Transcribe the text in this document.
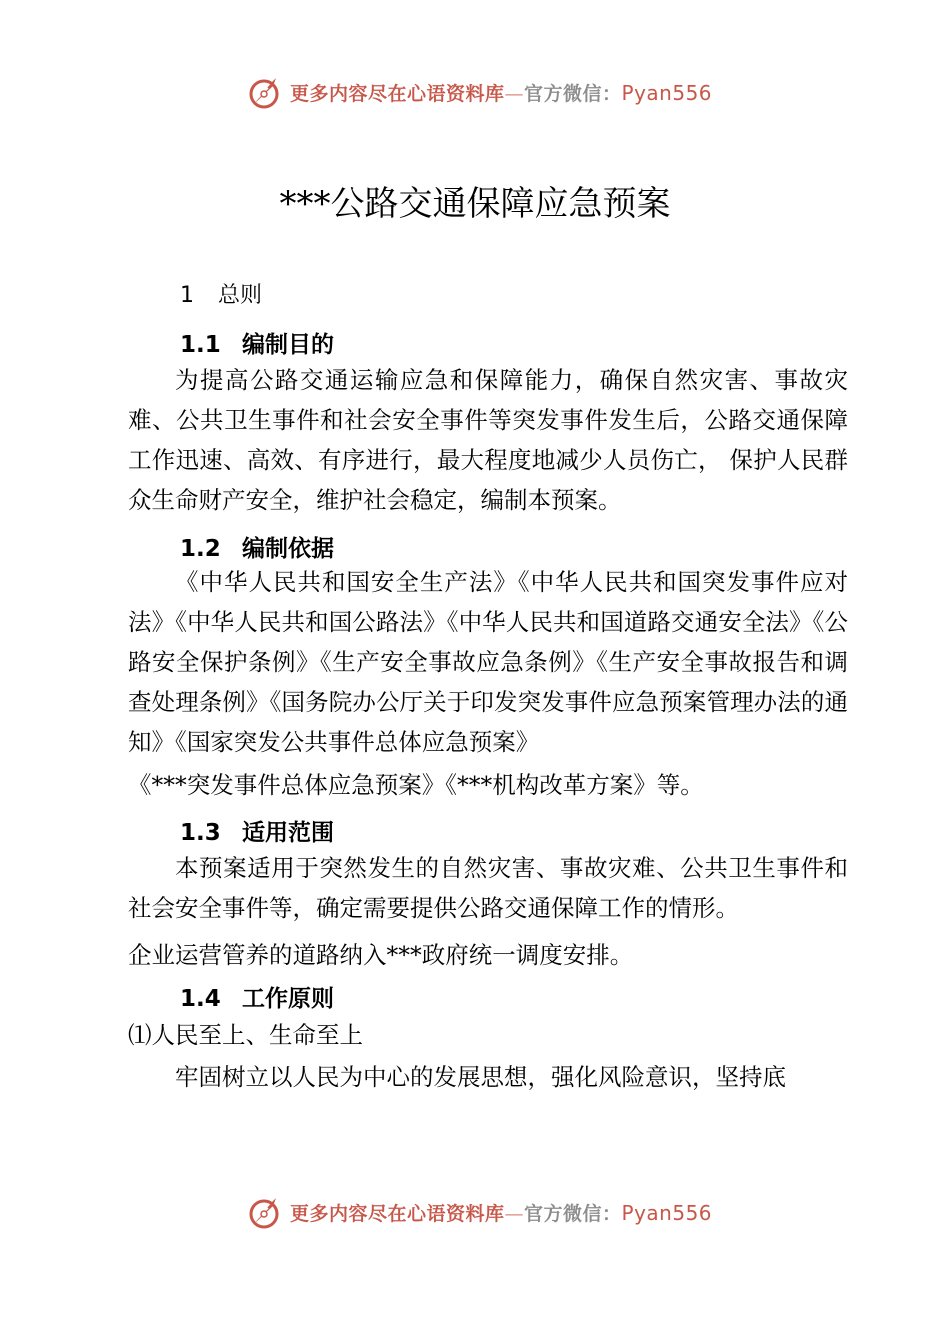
更多内容尽在心语资料库—官方微信：Pyan556
***公路交通保障应急预案
1 总则
1.1 编制目的
为提高公路交通运输应急和保障能力，确保自然灾害、事故灾难、公共卫生事件和社会安全事件等突发事件发生后，公路交通保障工作迅速、高效、有序进行，最大程度地减少人员伤亡， 保护人民群众生命财产安全，维护社会稳定，编制本预案。
1.2 编制依据
《中华人民共和国安全生产法》《中华人民共和国突发事件应对法》《中华人民共和国公路法》《中华人民共和国道路交通安全法》《公路安全保护条例》《生产安全事故应急条例》《生产安全事故报告和调查处理条例》《国务院办公厅关于印发突发事件应急预案管理办法的通知》《国家突发公共事件总体应急预案》
《***突发事件总体应急预案》《***机构改革方案》等。
1.3 适用范围
本预案适用于突然发生的自然灾害、事故灾难、公共卫生事件和社会安全事件等，确定需要提供公路交通保障工作的情形。
企业运营管养的道路纳入***政府统一调度安排。
1.4 工作原则
⑴人民至上、生命至上
牢固树立以人民为中心的发展思想，强化风险意识，坚持底
更多内容尽在心语资料库—官方微信：Pyan556
